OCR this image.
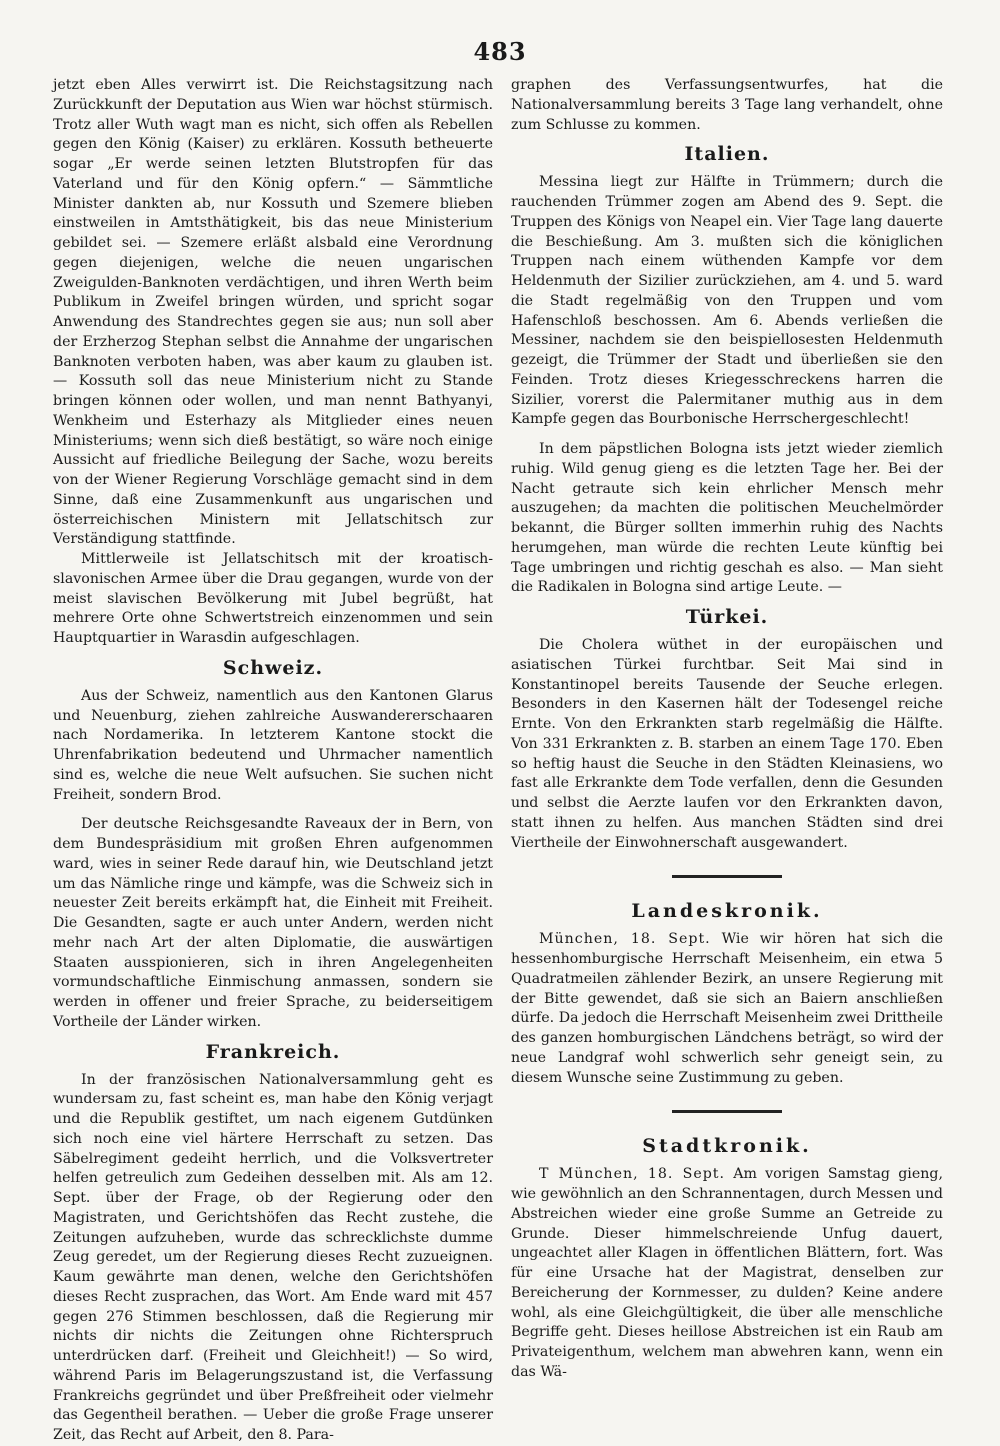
483

jetzt eben Alles verwirrt ist. Die Reichstagsitzung nach Zurückkunft der Deputation aus Wien war höchst stürmisch. Trotz aller Wuth wagt man es nicht, sich offen als Rebellen gegen den König (Kaiser) zu erklären. Kossuth betheuerte sogar „Er werde seinen letzten Blutstropfen für das Vaterland und für den König opfern.“ — Sämmtliche Minister dankten ab, nur Kossuth und Szemere blieben einstweilen in Amtsthätigkeit, bis das neue Ministerium gebildet sei. — Szemere erläßt alsbald eine Verordnung gegen diejenigen, welche die neuen ungarischen Zweigulden-Banknoten verdächtigen, und ihren Werth beim Publikum in Zweifel bringen würden, und spricht sogar Anwendung des Standrechtes gegen sie aus; nun soll aber der Erzherzog Stephan selbst die Annahme der ungarischen Banknoten verboten haben, was aber kaum zu glauben ist. — Kossuth soll das neue Ministerium nicht zu Stande bringen können oder wollen, und man nennt Bathyanyi, Wenkheim und Esterhazy als Mitglieder eines neuen Ministeriums; wenn sich dieß bestätigt, so wäre noch einige Aussicht auf friedliche Beilegung der Sache, wozu bereits von der Wiener Regierung Vorschläge gemacht sind in dem Sinne, daß eine Zusammenkunft aus ungarischen und österreichischen Ministern mit Jellatschitsch zur Verständigung stattfinde.

Mittlerweile ist Jellatschitsch mit der kroatisch-slavonischen Armee über die Drau gegangen, wurde von der meist slavischen Bevölkerung mit Jubel begrüßt, hat mehrere Orte ohne Schwertstreich einzenommen und sein Hauptquartier in Warasdin aufgeschlagen.

Schweiz.

Aus der Schweiz, namentlich aus den Kantonen Glarus und Neuenburg, ziehen zahlreiche Auswandererschaaren nach Nordamerika. In letzterem Kantone stockt die Uhrenfabrikation bedeutend und Uhrmacher namentlich sind es, welche die neue Welt aufsuchen. Sie suchen nicht Freiheit, sondern Brod.

Der deutsche Reichsgesandte Raveaux der in Bern, von dem Bundespräsidium mit großen Ehren aufgenommen ward, wies in seiner Rede darauf hin, wie Deutschland jetzt um das Nämliche ringe und kämpfe, was die Schweiz sich in neuester Zeit bereits erkämpft hat, die Einheit mit Freiheit. Die Gesandten, sagte er auch unter Andern, werden nicht mehr nach Art der alten Diplomatie, die auswärtigen Staaten ausspionieren, sich in ihren Angelegenheiten vormundschaftliche Einmischung anmassen, sondern sie werden in offener und freier Sprache, zu beiderseitigem Vortheile der Länder wirken.

Frankreich.

In der französischen Nationalversammlung geht es wundersam zu, fast scheint es, man habe den König verjagt und die Republik gestiftet, um nach eigenem Gutdünken sich noch eine viel härtere Herrschaft zu setzen. Das Säbelregiment gedeiht herrlich, und die Volksvertreter helfen getreulich zum Gedeihen desselben mit. Als am 12. Sept. über der Frage, ob der Regierung oder den Magistraten, und Gerichtshöfen das Recht zustehe, die Zeitungen aufzuheben, wurde das schrecklichste dumme Zeug geredet, um der Regierung dieses Recht zuzueignen. Kaum gewährte man denen, welche den Gerichtshöfen dieses Recht zusprachen, das Wort. Am Ende ward mit 457 gegen 276 Stimmen beschlossen, daß die Regierung mir nichts dir nichts die Zeitungen ohne Richterspruch unterdrücken darf. (Freiheit und Gleichheit!) — So wird, während Paris im Belagerungszustand ist, die Verfassung Frankreichs gegründet und über Preßfreiheit oder vielmehr das Gegentheil berathen. — Ueber die große Frage unserer Zeit, das Recht auf Arbeit, den 8. Para-

graphen des Verfassungsentwurfes, hat die Nationalversammlung bereits 3 Tage lang verhandelt, ohne zum Schlusse zu kommen.

Italien.

Messina liegt zur Hälfte in Trümmern; durch die rauchenden Trümmer zogen am Abend des 9. Sept. die Truppen des Königs von Neapel ein. Vier Tage lang dauerte die Beschießung. Am 3. mußten sich die königlichen Truppen nach einem wüthenden Kampfe vor dem Heldenmuth der Sizilier zurückziehen, am 4. und 5. ward die Stadt regelmäßig von den Truppen und vom Hafenschloß beschossen. Am 6. Abends verließen die Messiner, nachdem sie den beispiellosesten Heldenmuth gezeigt, die Trümmer der Stadt und überließen sie den Feinden. Trotz dieses Kriegesschreckens harren die Sizilier, vorerst die Palermitaner muthig aus in dem Kampfe gegen das Bourbonische Herrschergeschlecht!

In dem päpstlichen Bologna ists jetzt wieder ziemlich ruhig. Wild genug gieng es die letzten Tage her. Bei der Nacht getraute sich kein ehrlicher Mensch mehr auszugehen; da machten die politischen Meuchelmörder bekannt, die Bürger sollten immerhin ruhig des Nachts herumgehen, man würde die rechten Leute künftig bei Tage umbringen und richtig geschah es also. — Man sieht die Radikalen in Bologna sind artige Leute. —

Türkei.

Die Cholera wüthet in der europäischen und asiatischen Türkei furchtbar. Seit Mai sind in Konstantinopel bereits Tausende der Seuche erlegen. Besonders in den Kasernen hält der Todesengel reiche Ernte. Von den Erkrankten starb regelmäßig die Hälfte. Von 331 Erkrankten z. B. starben an einem Tage 170. Eben so heftig haust die Seuche in den Städten Kleinasiens, wo fast alle Erkrankte dem Tode verfallen, denn die Gesunden und selbst die Aerzte laufen vor den Erkrankten davon, statt ihnen zu helfen. Aus manchen Städten sind drei Viertheile der Einwohnerschaft ausgewandert.

Landeskronik.

München, 18. Sept. Wie wir hören hat sich die hessenhomburgische Herrschaft Meisenheim, ein etwa 5 Quadratmeilen zählender Bezirk, an unsere Regierung mit der Bitte gewendet, daß sie sich an Baiern anschließen dürfe. Da jedoch die Herrschaft Meisenheim zwei Drittheile des ganzen homburgischen Ländchens beträgt, so wird der neue Landgraf wohl schwerlich sehr geneigt sein, zu diesem Wunsche seine Zustimmung zu geben.

Stadtkronik.

T München, 18. Sept. Am vorigen Samstag gieng, wie gewöhnlich an den Schrannentagen, durch Messen und Abstreichen wieder eine große Summe an Getreide zu Grunde. Dieser himmelschreiende Unfug dauert, ungeachtet aller Klagen in öffentlichen Blättern, fort. Was für eine Ursache hat der Magistrat, denselben zur Bereicherung der Kornmesser, zu dulden? Keine andere wohl, als eine Gleichgültigkeit, die über alle menschliche Begriffe geht. Dieses heillose Abstreichen ist ein Raub am Privateigenthum, welchem man abwehren kann, wenn ein das Wä-
